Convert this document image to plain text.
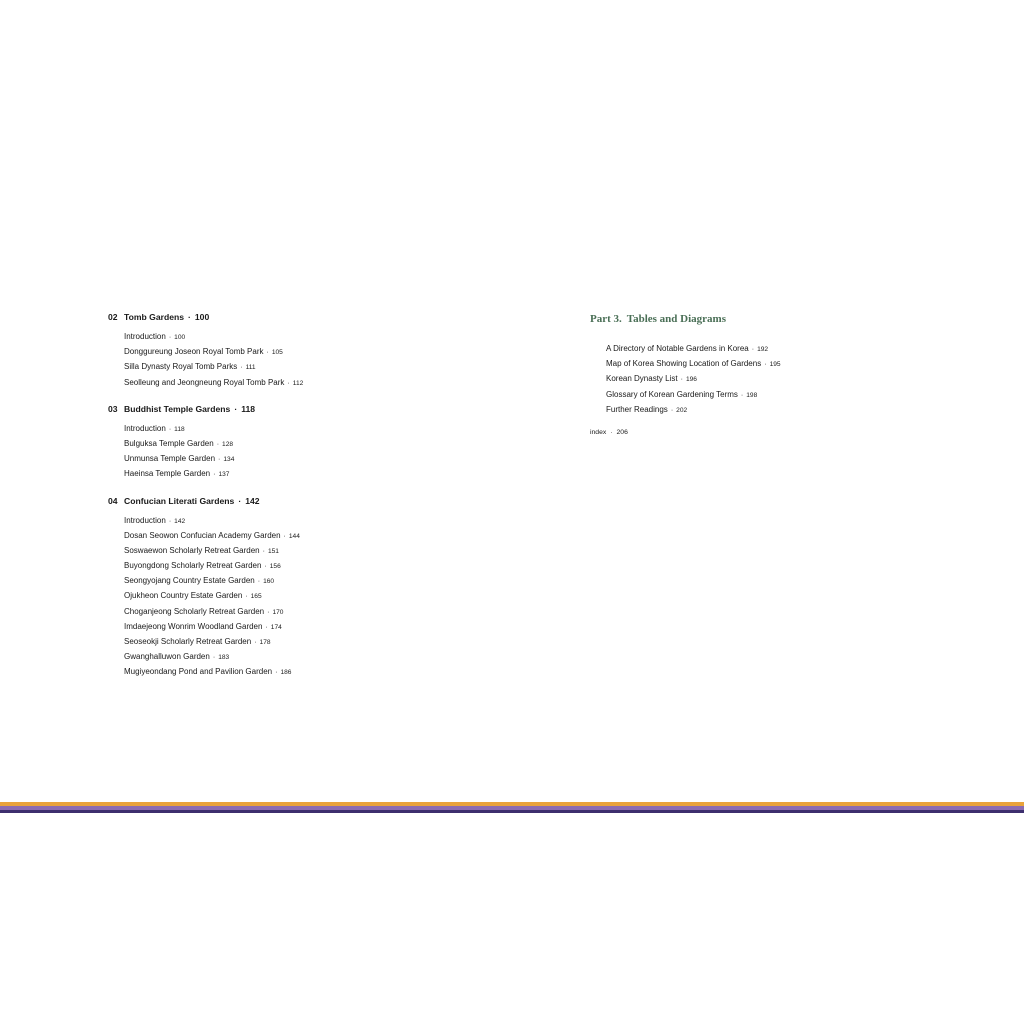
02 Tomb Gardens · 100
Introduction · 100
Donggureung Joseon Royal Tomb Park · 105
Silla Dynasty Royal Tomb Parks · 111
Seolleung and Jeongneung Royal Tomb Park · 112
03 Buddhist Temple Gardens · 118
Introduction · 118
Bulguksa Temple Garden · 128
Unmunsa Temple Garden · 134
Haeinsa Temple Garden · 137
04 Confucian Literati Gardens · 142
Introduction · 142
Dosan Seowon Confucian Academy Garden · 144
Soswaewon Scholarly Retreat Garden · 151
Buyongdong Scholarly Retreat Garden · 156
Seongyojang Country Estate Garden · 160
Ojukheon Country Estate Garden · 165
Choganjeong Scholarly Retreat Garden · 170
Imdaejeong Wonrim Woodland Garden · 174
Seoseokji Scholarly Retreat Garden · 178
Gwanghalluwon Garden · 183
Mugiyeondang Pond and Pavilion Garden · 186
Part 3. Tables and Diagrams
A Directory of Notable Gardens in Korea · 192
Map of Korea Showing Location of Gardens · 195
Korean Dynasty List · 196
Glossary of Korean Gardening Terms · 198
Further Readings · 202
index · 206
